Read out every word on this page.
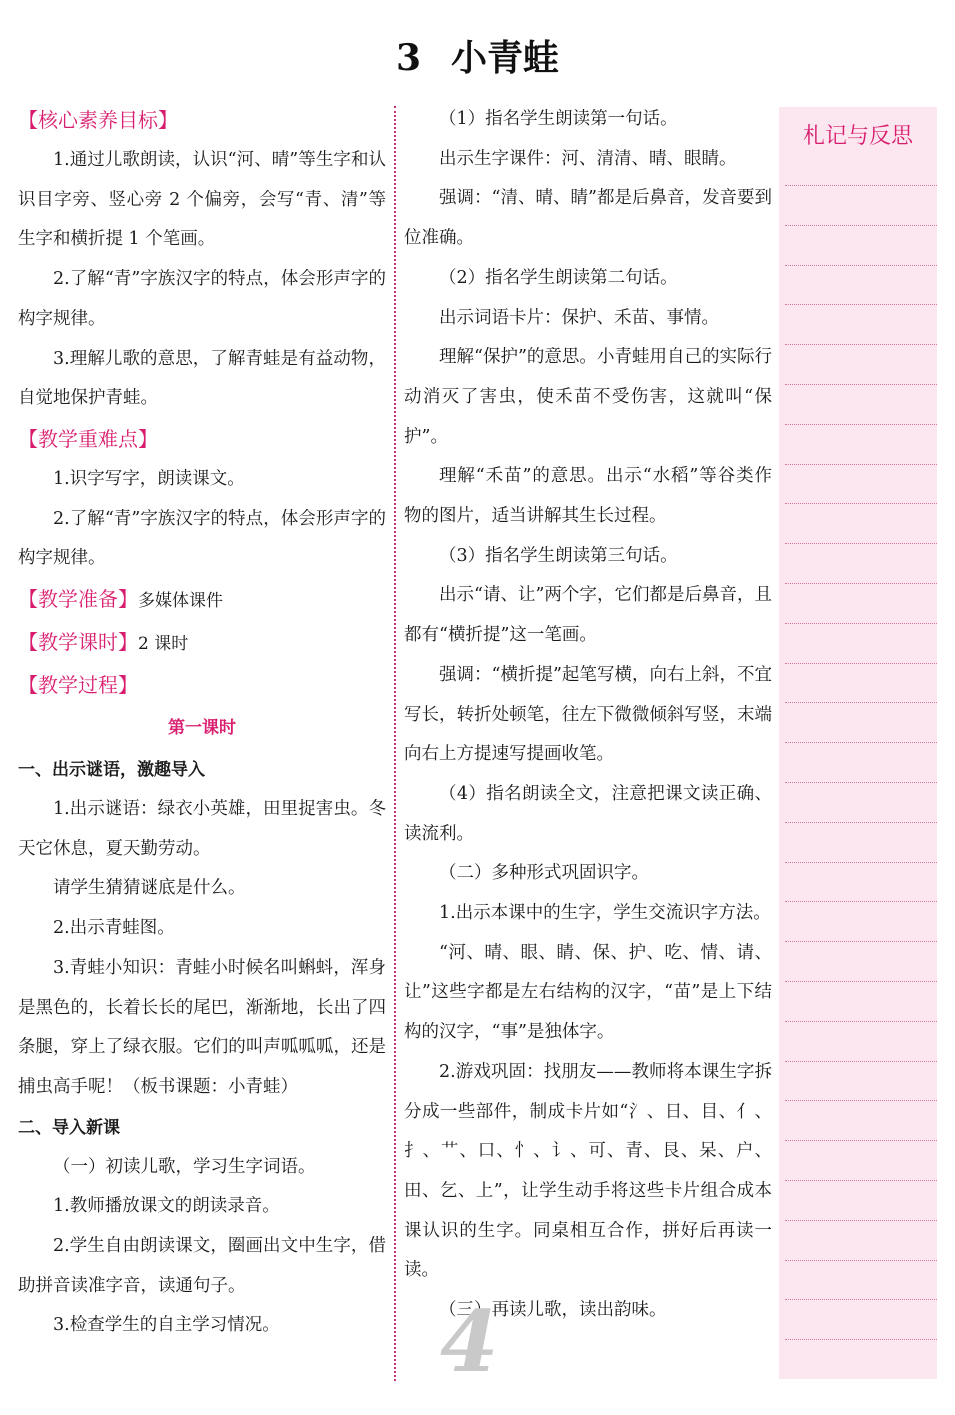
3 小青蛙

【核心素养目标】

1.通过儿歌朗读，认识“河、晴”等生字和认识目字旁、竖心旁 2 个偏旁，会写“青、清”等生字和横折提 1 个笔画。

2.了解“青”字族汉字的特点，体会形声字的构字规律。

3.理解儿歌的意思，了解青蛙是有益动物，自觉地保护青蛙。

【教学重难点】

1.识字写字，朗读课文。

2.了解“青”字族汉字的特点，体会形声字的构字规律。

【教学准备】多媒体课件

【教学课时】2 课时

【教学过程】

第一课时

一、出示谜语，激趣导入

1.出示谜语：绿衣小英雄，田里捉害虫。冬天它休息，夏天勤劳动。

请学生猜猜谜底是什么。

2.出示青蛙图。

3.青蛙小知识：青蛙小时候名叫蝌蚪，浑身是黑色的，长着长长的尾巴，渐渐地，长出了四条腿，穿上了绿衣服。它们的叫声呱呱呱，还是捕虫高手呢！（板书课题：小青蛙）

二、导入新课

（一）初读儿歌，学习生字词语。

1.教师播放课文的朗读录音。

2.学生自由朗读课文，圈画出文中生字，借助拼音读准字音，读通句子。

3.检查学生的自主学习情况。

（1）指名学生朗读第一句话。

出示生字课件：河、清清、晴、眼睛。

强调：“清、晴、睛”都是后鼻音，发音要到位准确。

（2）指名学生朗读第二句话。

出示词语卡片：保护、禾苗、事情。

理解“保护”的意思。小青蛙用自己的实际行动消灭了害虫，使禾苗不受伤害，这就叫“保护”。

理解“禾苗”的意思。出示“水稻”等谷类作物的图片，适当讲解其生长过程。

（3）指名学生朗读第三句话。

出示“请、让”两个字，它们都是后鼻音，且都有“横折提”这一笔画。

强调：“横折提”起笔写横，向右上斜，不宜写长，转折处顿笔，往左下微微倾斜写竖，末端向右上方提速写提画收笔。

（4）指名朗读全文，注意把课文读正确、读流利。

（二）多种形式巩固识字。

1.出示本课中的生字，学生交流识字方法。

“河、晴、眼、睛、保、护、吃、情、请、让”这些字都是左右结构的汉字，“苗”是上下结构的汉字，“事”是独体字。

2.游戏巩固：找朋友——教师将本课生字拆分成一些部件，制成卡片如“氵、日、目、亻、扌、艹、口、忄、讠、可、青、艮、呆、户、田、乞、上”，让学生动手将这些卡片组合成本课认识的生字。同桌相互合作，拼好后再读一读。

（三）再读儿歌，读出韵味。

札记与反思
4
